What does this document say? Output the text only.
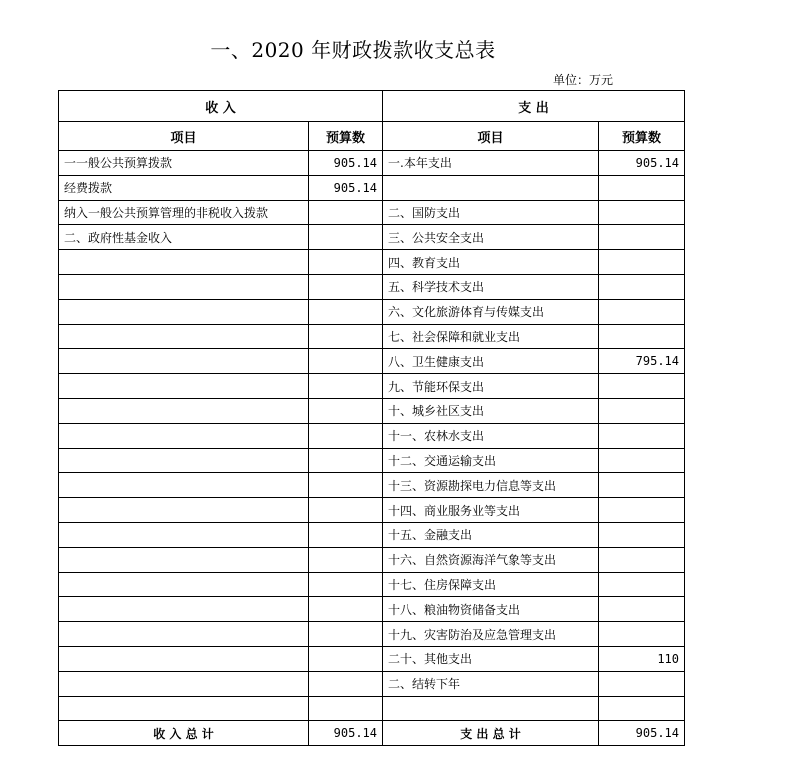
一、2020 年财政拨款收支总表
单位：万元
收 入		支 出	
项目	预算数	项目	预算数
一一般公共预算拨款	905.14	一.本年支出	905.14
经费拨款	905.14		
纳入一般公共预算管理的非税收入拨款		二、国防支出	
二、政府性基金收入		三、公共安全支出	
		四、教育支出	
		五、科学技术支出	
		六、文化旅游体育与传媒支出	
		七、社会保障和就业支出	
		八、卫生健康支出	795.14
		九、节能环保支出	
		十、城乡社区支出	
		十一、农林水支出	
		十二、交通运输支出	
		十三、资源勘探电力信息等支出	
		十四、商业服务业等支出	
		十五、金融支出	
		十六、自然资源海洋气象等支出	
		十七、住房保障支出	
		十八、粮油物资储备支出	
		十九、灾害防治及应急管理支出	
		二十、其他支出	110
		二、结转下年	

收 入 总 计	905.14	支 出 总 计	905.14
